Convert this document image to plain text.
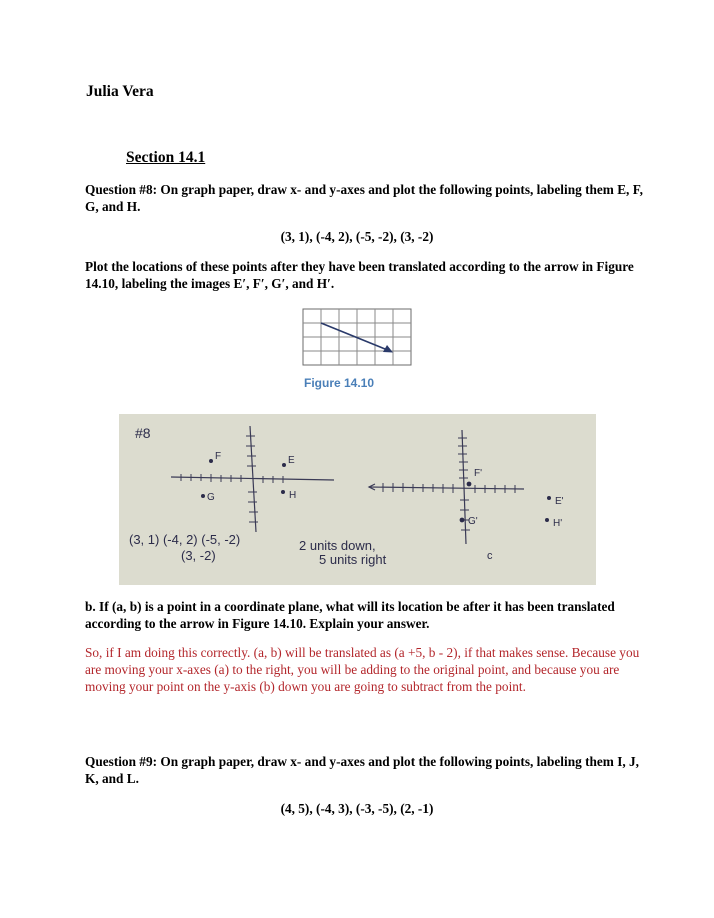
Julia Vera
Section 14.1
Question #8: On graph paper, draw x- and y-axes and plot the following points, labeling them E, F, G, and H.
(3, 1), (-4, 2), (-5, -2), (3, -2)
Plot the locations of these points after they have been translated according to the arrow in Figure 14.10, labeling the images E′, F′, G′, and H′.
Figure 14.10
#8
F	E
G	H
(3, 1) (-4, 2) (-5, -2)
(3, -2)
2 units down,
5 units right
F'
E'
G'	H'
c
b. If (a, b) is a point in a coordinate plane, what will its location be after it has been translated according to the arrow in Figure 14.10. Explain your answer.
So, if I am doing this correctly. (a, b) will be translated as (a +5, b - 2), if that makes sense. Because you are moving your x-axes (a) to the right, you will be adding to the original point, and because you are moving your point on the y-axis (b) down you are going to subtract from the point.
Question #9: On graph paper, draw x- and y-axes and plot the following points, labeling them I, J, K, and L.
(4, 5), (-4, 3), (-3, -5), (2, -1)
